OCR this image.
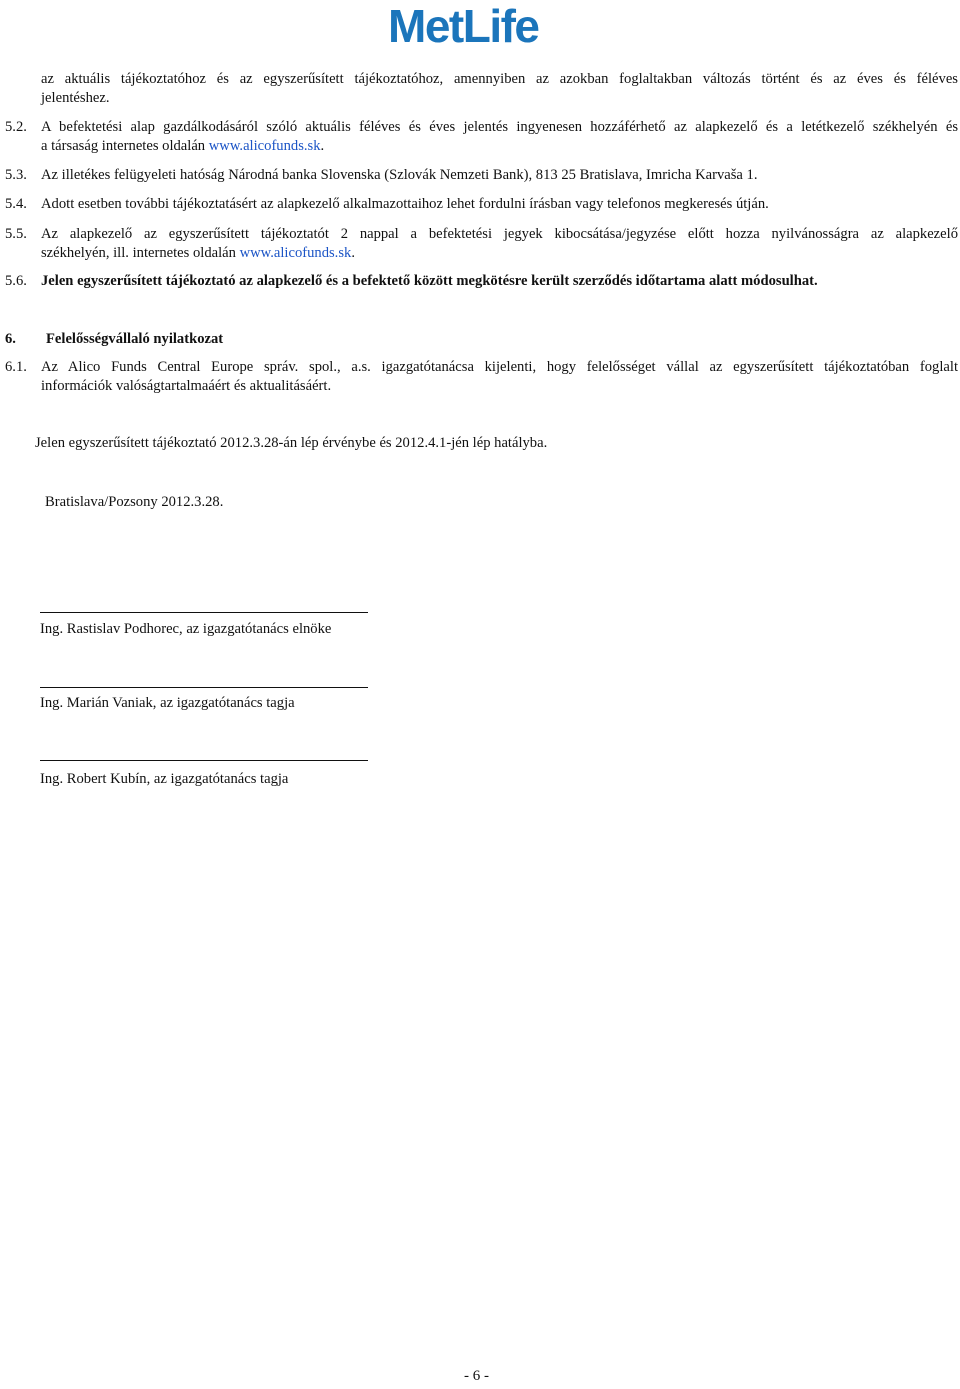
MetLife
az aktuális tájékoztatóhoz és az egyszerűsített tájékoztatóhoz, amennyiben az azokban foglaltakban változás történt és az éves és féléves
jelentéshez.
5.2. A befektetési alap gazdálkodásáról szóló aktuális féléves és éves jelentés ingyenesen hozzáférhető az alapkezelő és a letétkezelő székhelyén és
a társaság internetes oldalán www.alicofunds.sk.
5.3. Az illetékes felügyeleti hatóság Národná banka Slovenska (Szlovák Nemzeti Bank), 813 25 Bratislava, Imricha Karvaša 1.
5.4. Adott esetben további tájékoztatásért az alapkezelő alkalmazottaihoz lehet fordulni írásban vagy telefonos megkeresés útján.
5.5. Az alapkezelő az egyszerűsített tájékoztatót 2 nappal a befektetési jegyek kibocsátása/jegyzése előtt hozza nyilvánosságra az alapkezelő
székhelyén, ill. internetes oldalán www.alicofunds.sk.
5.6. Jelen egyszerűsített tájékoztató az alapkezelő és a befektető között megkötésre került szerződés időtartama alatt módosulhat.
6. Felelősségvállaló nyilatkozat
6.1. Az Alico Funds Central Europe správ. spol., a.s. igazgatótanácsa kijelenti, hogy felelősséget vállal az egyszerűsített tájékoztatóban foglalt
információk valóságtartalmaáért és aktualitásáért.
Jelen egyszerűsített tájékoztató 2012.3.28-án lép érvénybe és 2012.4.1-jén lép hatályba.
Bratislava/Pozsony 2012.3.28.
Ing. Rastislav Podhorec, az igazgatótanács elnöke
Ing. Marián Vaniak, az igazgatótanács tagja
Ing. Robert Kubín, az igazgatótanács tagja
- 6 -
